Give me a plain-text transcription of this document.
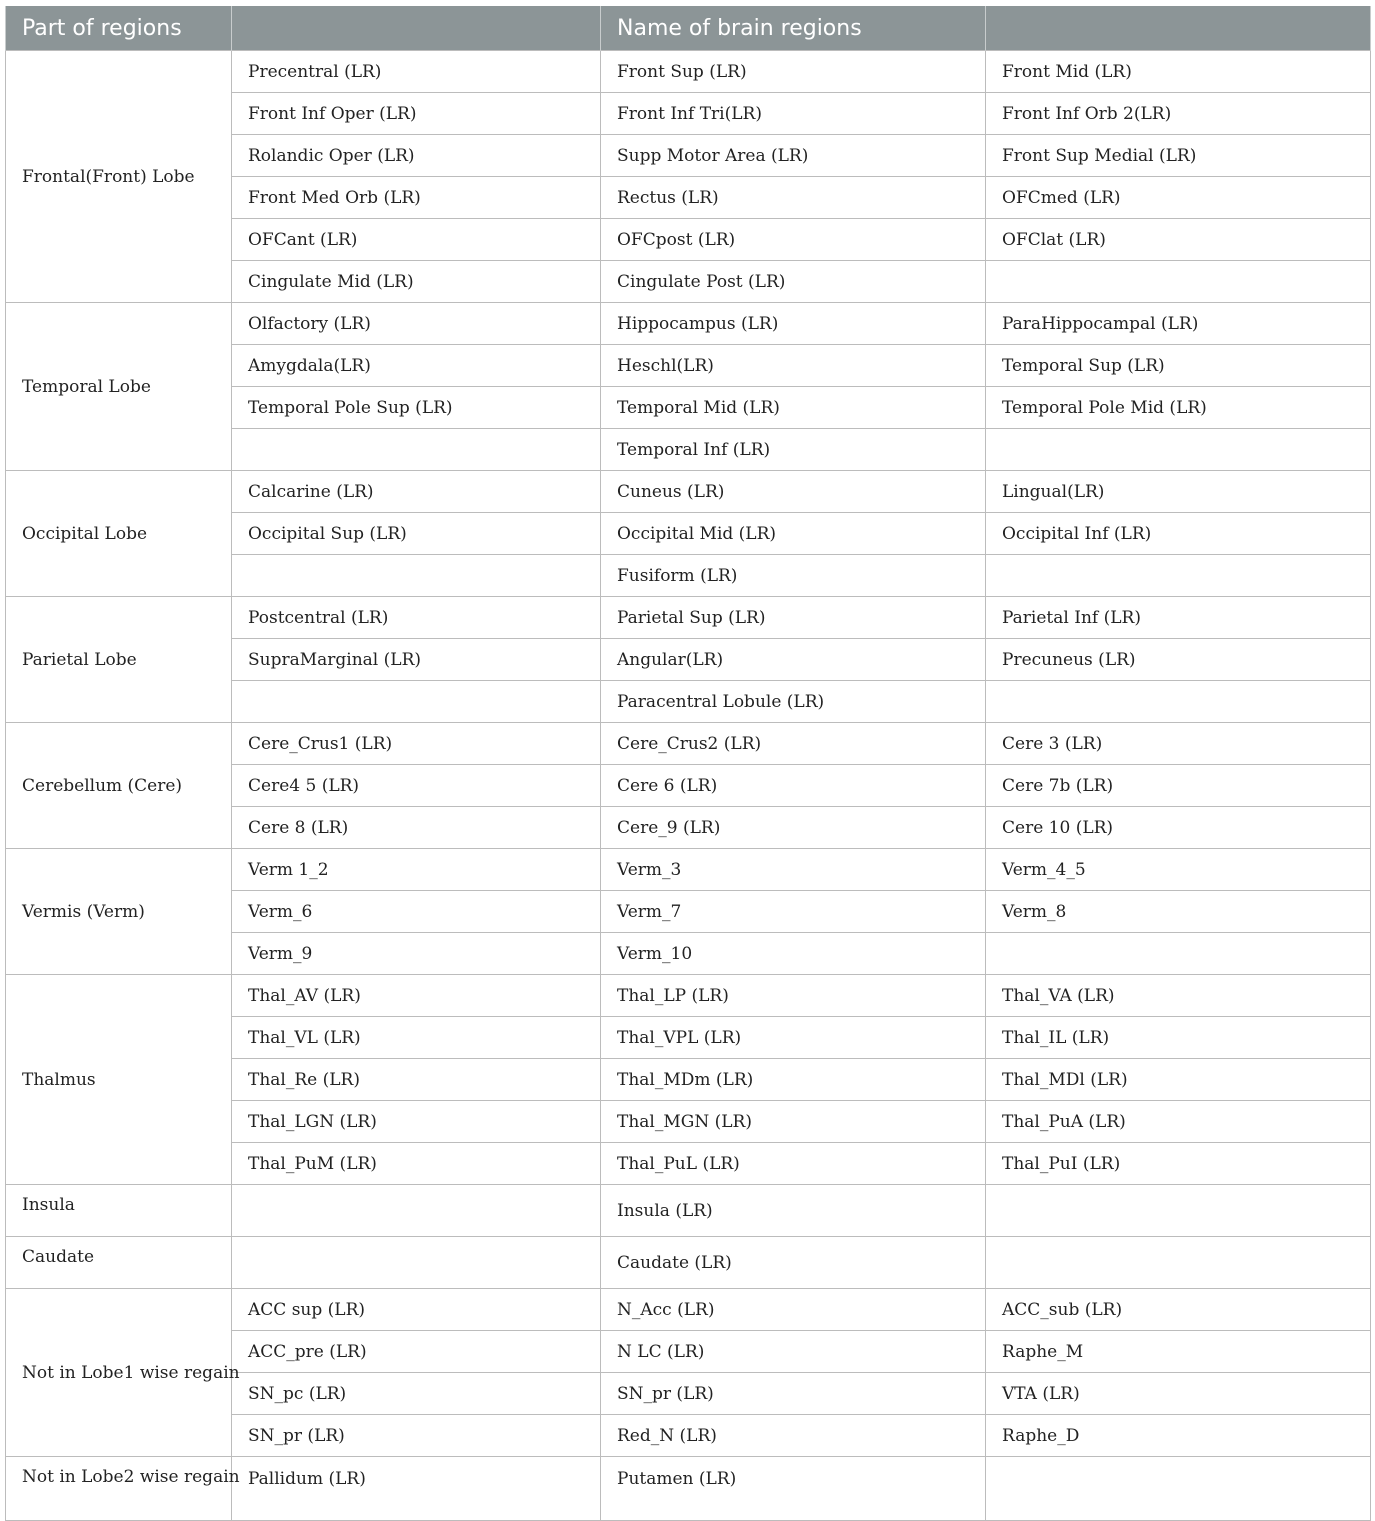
Part of regions		Name of brain regions	
Frontal(Front) Lobe	Precentral (LR)	Front Sup (LR)	Front Mid (LR)
	Front Inf Oper (LR)	Front Inf Tri(LR)	Front Inf Orb 2(LR)
	Rolandic Oper (LR)	Supp Motor Area (LR)	Front Sup Medial (LR)
	Front Med Orb (LR)	Rectus (LR)	OFCmed (LR)
	OFCant (LR)	OFCpost (LR)	OFClat (LR)
	Cingulate Mid (LR)	Cingulate Post (LR)	
Temporal Lobe	Olfactory (LR)	Hippocampus (LR)	ParaHippocampal (LR)
	Amygdala(LR)	Heschl(LR)	Temporal Sup (LR)
	Temporal Pole Sup (LR)	Temporal Mid (LR)	Temporal Pole Mid (LR)
		Temporal Inf (LR)	
Occipital Lobe	Calcarine (LR)	Cuneus (LR)	Lingual(LR)
	Occipital Sup (LR)	Occipital Mid (LR)	Occipital Inf (LR)
		Fusiform (LR)	
Parietal Lobe	Postcentral (LR)	Parietal Sup (LR)	Parietal Inf (LR)
	SupraMarginal (LR)	Angular(LR)	Precuneus (LR)
		Paracentral Lobule (LR)	
Cerebellum (Cere)	Cere_Crus1 (LR)	Cere_Crus2 (LR)	Cere 3 (LR)
	Cere4 5 (LR)	Cere 6 (LR)	Cere 7b (LR)
	Cere 8 (LR)	Cere_9 (LR)	Cere 10 (LR)
Vermis (Verm)	Verm 1_2	Verm_3	Verm_4_5
	Verm_6	Verm_7	Verm_8
	Verm_9	Verm_10	
Thalmus	Thal_AV (LR)	Thal_LP (LR)	Thal_VA (LR)
	Thal_VL (LR)	Thal_VPL (LR)	Thal_IL (LR)
	Thal_Re (LR)	Thal_MDm (LR)	Thal_MDl (LR)
	Thal_LGN (LR)	Thal_MGN (LR)	Thal_PuA (LR)
	Thal_PuM (LR)	Thal_PuL (LR)	Thal_PuI (LR)
Insula		Insula (LR)	
Caudate		Caudate (LR)	
Not in Lobe1 wise regain	ACC sup (LR)	N_Acc (LR)	ACC_sub (LR)
	ACC_pre (LR)	N LC (LR)	Raphe_M
	SN_pc (LR)	SN_pr (LR)	VTA (LR)
	SN_pr (LR)	Red_N (LR)	Raphe_D
Not in Lobe2 wise regain	Pallidum (LR)	Putamen (LR)	
